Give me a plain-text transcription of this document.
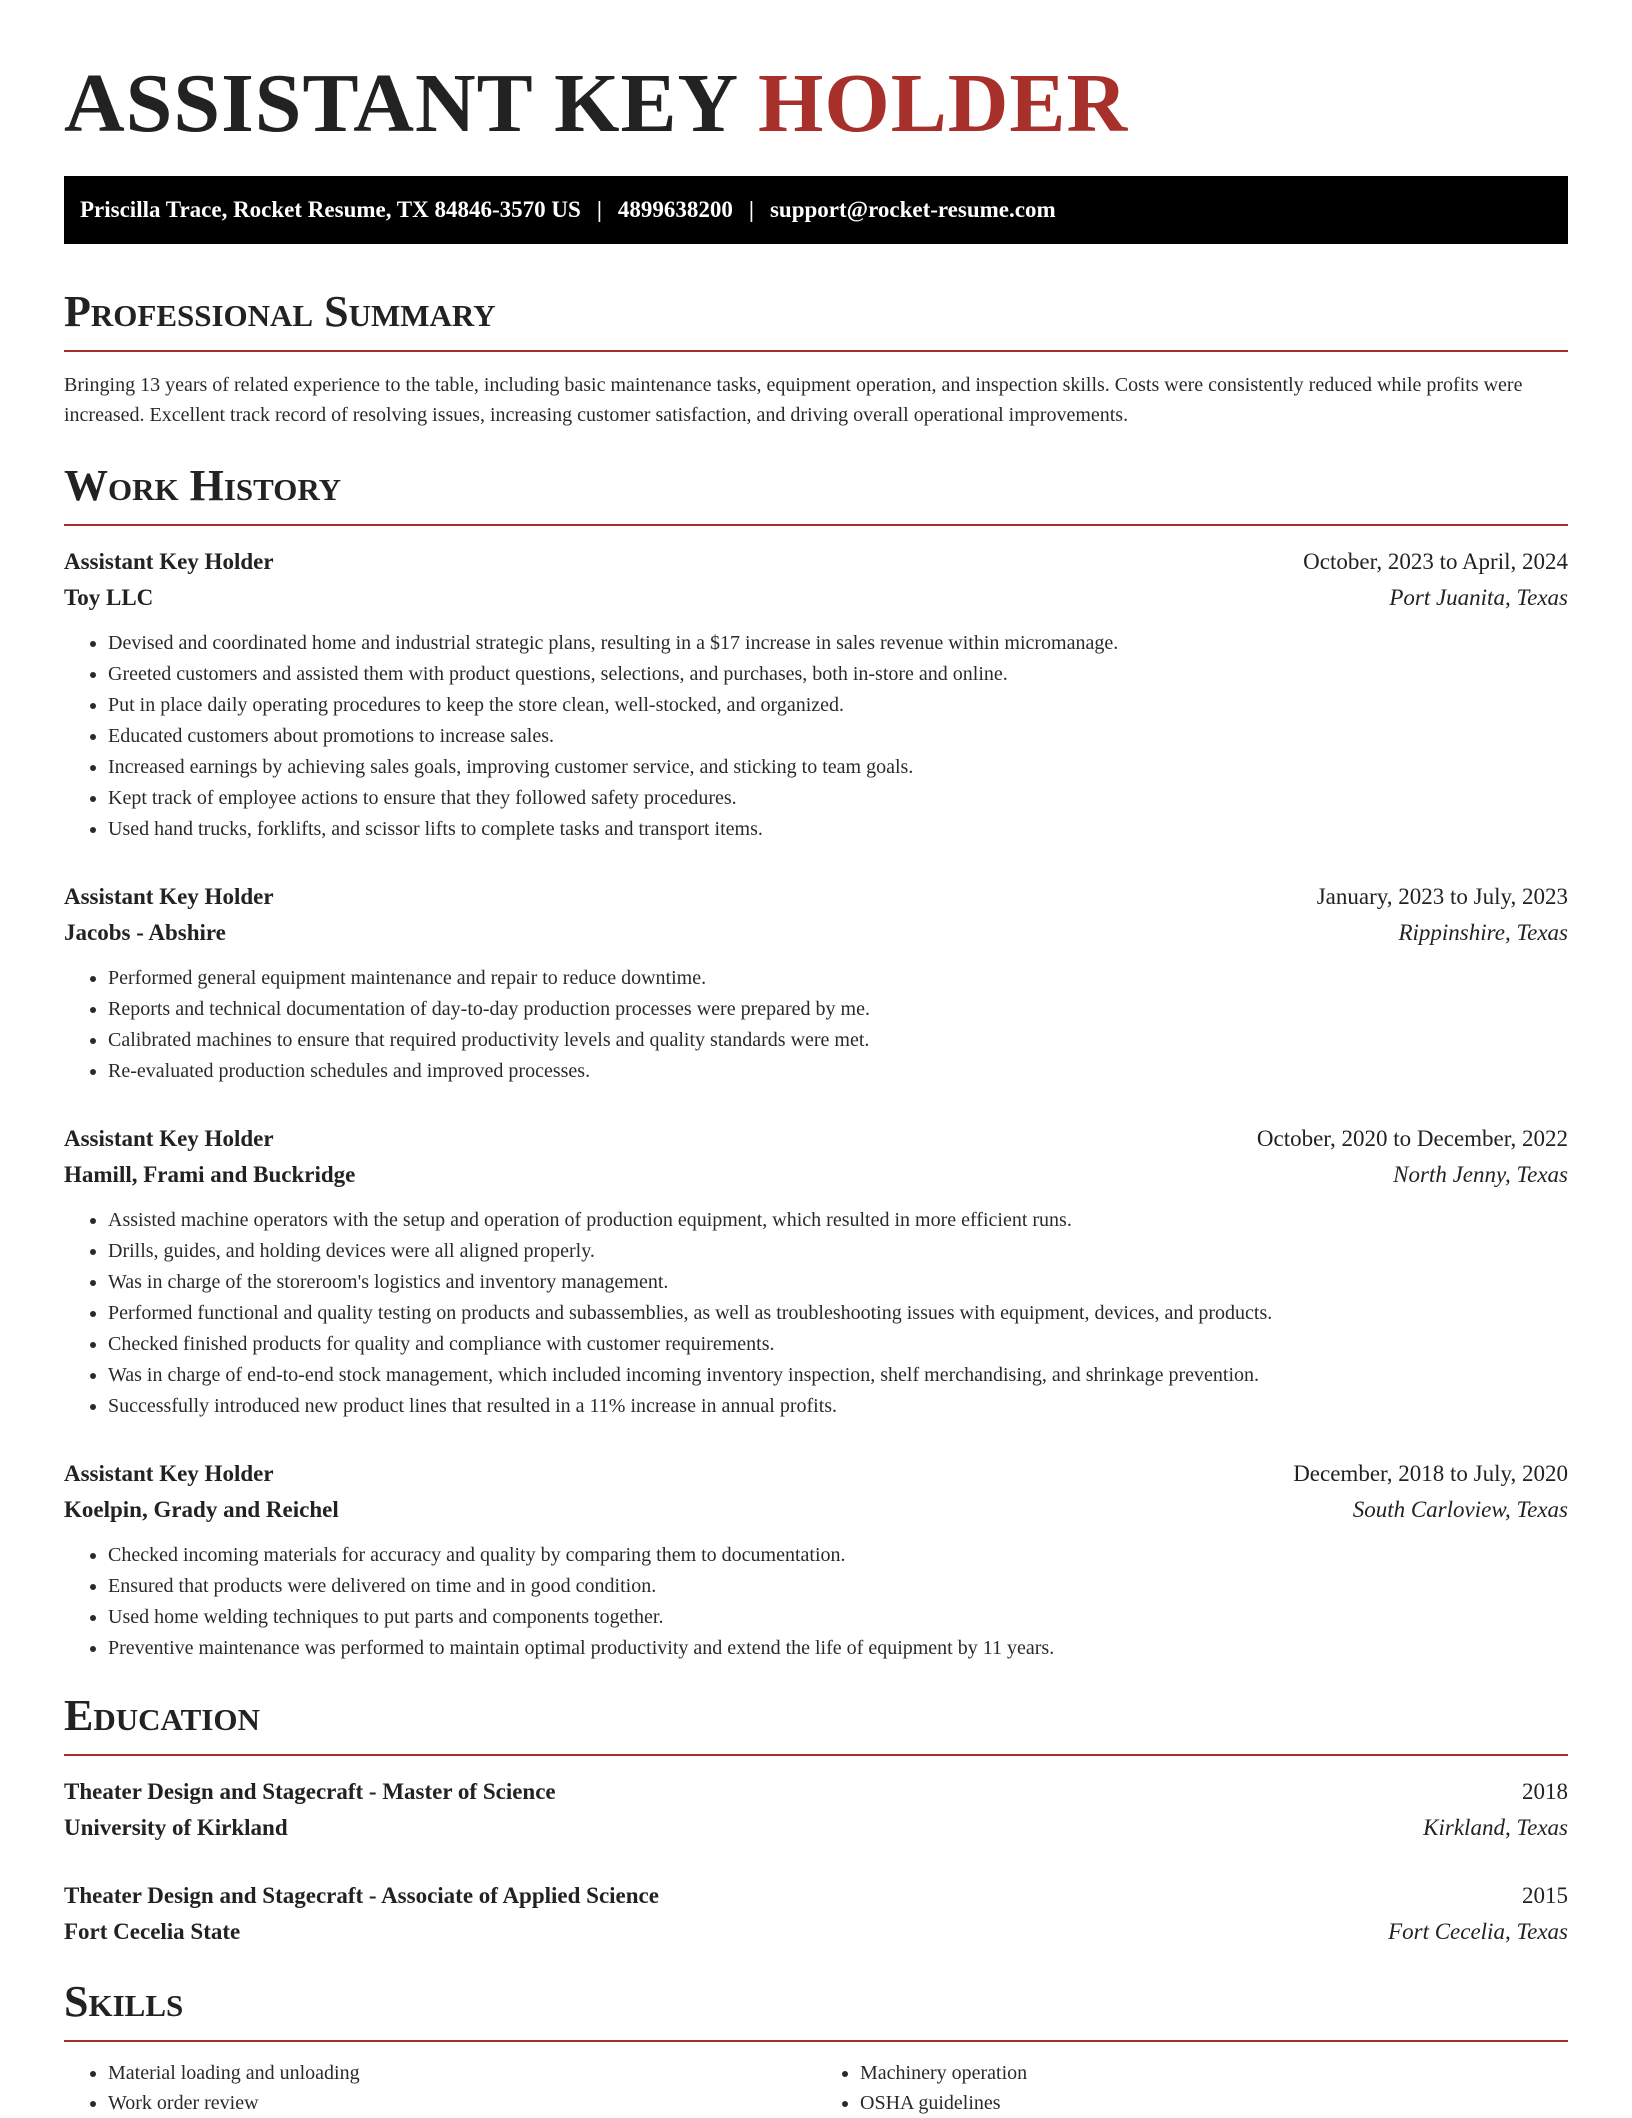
ASSISTANT KEY HOLDER
Priscilla Trace, Rocket Resume, TX 84846-3570 US | 4899638200 | support@rocket-resume.com
Professional Summary

Bringing 13 years of related experience to the table, including basic maintenance tasks, equipment operation, and inspection skills. Costs were consistently reduced while profits were increased. Excellent track record of resolving issues, increasing customer satisfaction, and driving overall operational improvements.

Work History
Assistant Key Holder	October, 2023 to April, 2024
Toy LLC	Port Juanita, Texas
• Devised and coordinated home and industrial strategic plans, resulting in a $17 increase in sales revenue within micromanage.
• Greeted customers and assisted them with product questions, selections, and purchases, both in-store and online.
• Put in place daily operating procedures to keep the store clean, well-stocked, and organized.
• Educated customers about promotions to increase sales.
• Increased earnings by achieving sales goals, improving customer service, and sticking to team goals.
• Kept track of employee actions to ensure that they followed safety procedures.
• Used hand trucks, forklifts, and scissor lifts to complete tasks and transport items.
Assistant Key Holder	January, 2023 to July, 2023
Jacobs - Abshire	Rippinshire, Texas
• Performed general equipment maintenance and repair to reduce downtime.
• Reports and technical documentation of day-to-day production processes were prepared by me.
• Calibrated machines to ensure that required productivity levels and quality standards were met.
• Re-evaluated production schedules and improved processes.
Assistant Key Holder	October, 2020 to December, 2022
Hamill, Frami and Buckridge	North Jenny, Texas
• Assisted machine operators with the setup and operation of production equipment, which resulted in more efficient runs.
• Drills, guides, and holding devices were all aligned properly.
• Was in charge of the storeroom's logistics and inventory management.
• Performed functional and quality testing on products and subassemblies, as well as troubleshooting issues with equipment, devices, and products.
• Checked finished products for quality and compliance with customer requirements.
• Was in charge of end-to-end stock management, which included incoming inventory inspection, shelf merchandising, and shrinkage prevention.
• Successfully introduced new product lines that resulted in a 11% increase in annual profits.
Assistant Key Holder	December, 2018 to July, 2020
Koelpin, Grady and Reichel	South Carloview, Texas
• Checked incoming materials for accuracy and quality by comparing them to documentation.
• Ensured that products were delivered on time and in good condition.
• Used home welding techniques to put parts and components together.
• Preventive maintenance was performed to maintain optimal productivity and extend the life of equipment by 11 years.
Education
Theater Design and Stagecraft - Master of Science	2018
University of Kirkland	Kirkland, Texas
Theater Design and Stagecraft - Associate of Applied Science	2015
Fort Cecelia State	Fort Cecelia, Texas
Skills
• Material loading and unloading
• Work order review
• Machinery operation
• OSHA guidelines
